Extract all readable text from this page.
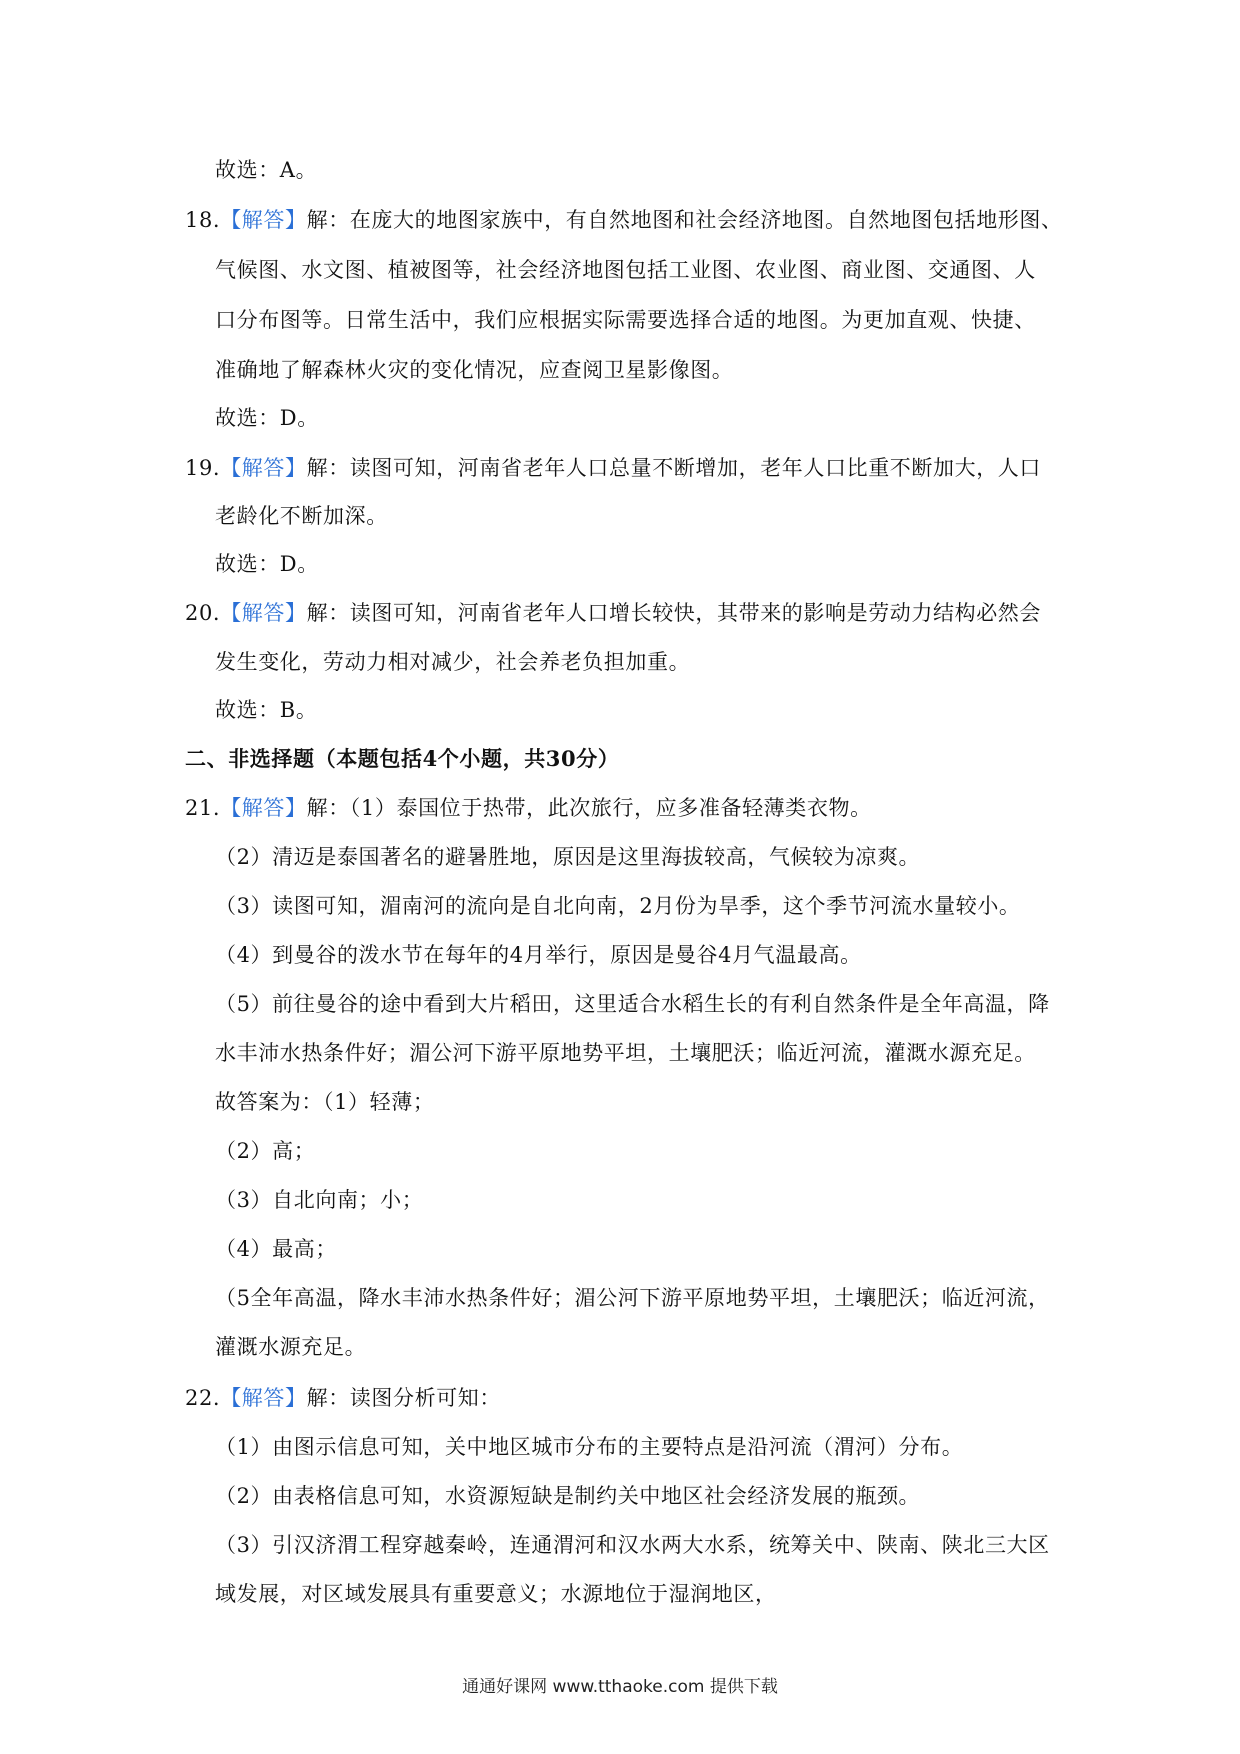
故选：A。
18.【解答】解：在庞大的地图家族中，有自然地图和社会经济地图。自然地图包括地形图、
气候图、水文图、植被图等，社会经济地图包括工业图、农业图、商业图、交通图、人
口分布图等。日常生活中，我们应根据实际需要选择合适的地图。为更加直观、快捷、
准确地了解森林火灾的变化情况，应查阅卫星影像图。
故选：D。
19.【解答】解：读图可知，河南省老年人口总量不断增加，老年人口比重不断加大，人口
老龄化不断加深。
故选：D。
20.【解答】解：读图可知，河南省老年人口增长较快，其带来的影响是劳动力结构必然会
发生变化，劳动力相对减少，社会养老负担加重。
故选：B。
二、非选择题（本题包括4个小题，共30分）
21.【解答】解：（1）泰国位于热带，此次旅行，应多准备轻薄类衣物。
（2）清迈是泰国著名的避暑胜地，原因是这里海拔较高，气候较为凉爽。
（3）读图可知，湄南河的流向是自北向南，2月份为旱季，这个季节河流水量较小。
（4）到曼谷的泼水节在每年的4月举行，原因是曼谷4月气温最高。
（5）前往曼谷的途中看到大片稻田，这里适合水稻生长的有利自然条件是全年高温，降
水丰沛水热条件好；湄公河下游平原地势平坦，土壤肥沃；临近河流，灌溉水源充足。
故答案为：（1）轻薄；
（2）高；
（3）自北向南；小；
（4）最高；
（5全年高温，降水丰沛水热条件好；湄公河下游平原地势平坦，土壤肥沃；临近河流，
灌溉水源充足。
22.【解答】解：读图分析可知：
（1）由图示信息可知，关中地区城市分布的主要特点是沿河流（渭河）分布。
（2）由表格信息可知，水资源短缺是制约关中地区社会经济发展的瓶颈。
（3）引汉济渭工程穿越秦岭，连通渭河和汉水两大水系，统筹关中、陕南、陕北三大区
域发展，对区域发展具有重要意义；水源地位于湿润地区，
通通好课网 www.tthaoke.com 提供下载
